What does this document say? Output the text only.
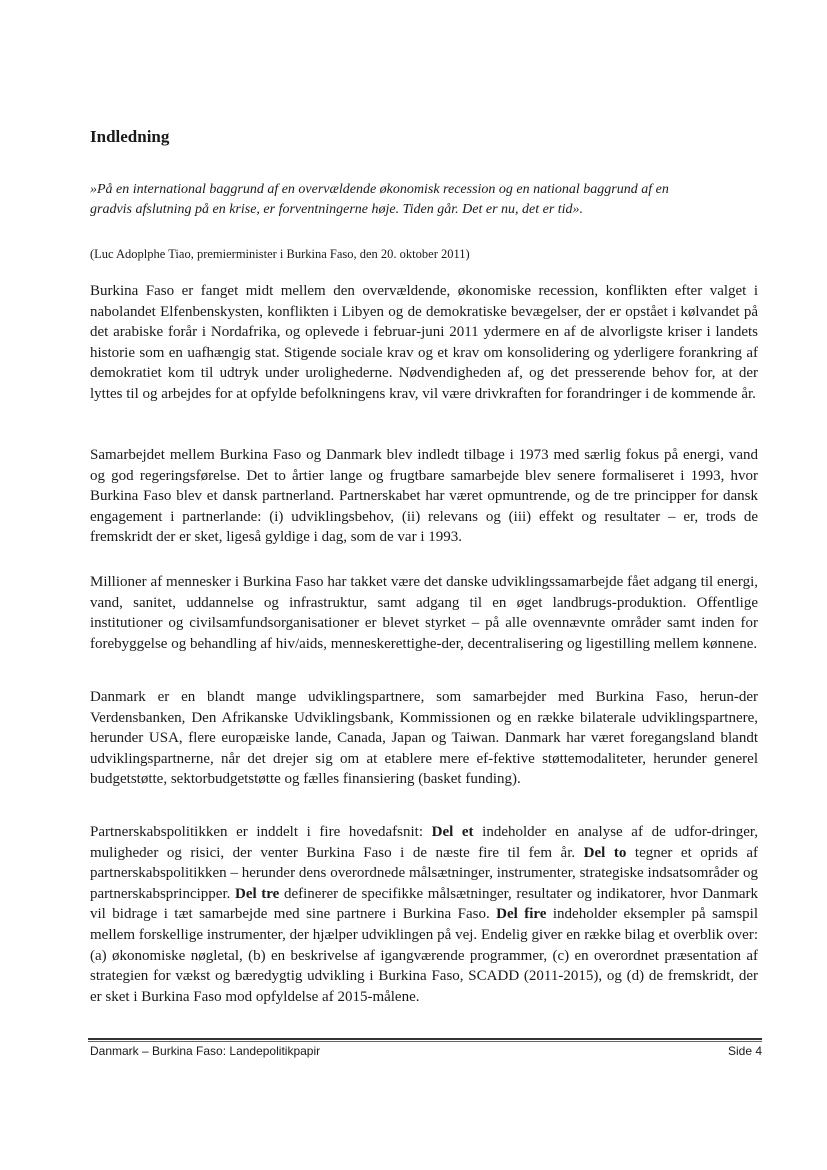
Indledning
»På en international baggrund af en overvældende økonomisk recession og en national baggrund af en gradvis afslutning på en krise, er forventningerne høje. Tiden går. Det er nu, det er tid».
(Luc Adoplphe Tiao, premierminister i Burkina Faso, den 20. oktober 2011)

Burkina Faso er fanget midt mellem den overvældende, økonomiske recession, konflikten efter valget i nabolandet Elfenbenskysten, konflikten i Libyen og de demokratiske bevægelser, der er opstået i kølvandet på det arabiske forår i Nordafrika, og oplevede i februar-juni 2011 ydermere en af de alvorligste kriser i landets historie som en uafhængig stat. Stigende sociale krav og et krav om konsolidering og yderligere forankring af demokratiet kom til udtryk under urolighederne. Nødvendigheden af, og det presserende behov for, at der lyttes til og arbejdes for at opfylde befolkningens krav, vil være drivkraften for forandringer i de kommende år.

Samarbejdet mellem Burkina Faso og Danmark blev indledt tilbage i 1973 med særlig fokus på energi, vand og god regeringsførelse. Det to årtier lange og frugtbare samarbejde blev senere formaliseret i 1993, hvor Burkina Faso blev et dansk partnerland. Partnerskabet har været opmuntrende, og de tre principper for dansk engagement i partnerlande: (i) udviklingsbehov, (ii) relevans og (iii) effekt og resultater – er, trods de fremskridt der er sket, ligeså gyldige i dag, som de var i 1993.

Millioner af mennesker i Burkina Faso har takket være det danske udviklingssamarbejde fået adgang til energi, vand, sanitet, uddannelse og infrastruktur, samt adgang til en øget landbrugs-produktion. Offentlige institutioner og civilsamfundsorganisationer er blevet styrket – på alle ovennævnte områder samt inden for forebyggelse og behandling af hiv/aids, menneskerettighe-der, decentralisering og ligestilling mellem kønnene.

Danmark er en blandt mange udviklingspartnere, som samarbejder med Burkina Faso, herun-der Verdensbanken, Den Afrikanske Udviklingsbank, Kommissionen og en række bilaterale udviklingspartnere, herunder USA, flere europæiske lande, Canada, Japan og Taiwan. Danmark har været foregangsland blandt udviklingspartnerne, når det drejer sig om at etablere mere ef-fektive støttemodaliteter, herunder generel budgetstøtte, sektorbudgetstøtte og fælles finansiering (basket funding).

Partnerskabspolitikken er inddelt i fire hovedafsnit: Del et indeholder en analyse af de udfor-dringer, muligheder og risici, der venter Burkina Faso i de næste fire til fem år. Del to tegner et oprids af partnerskabspolitikken – herunder dens overordnede målsætninger, instrumenter, strategiske indsatsområder og partnerskabsprincipper. Del tre definerer de specifikke målsætninger, resultater og indikatorer, hvor Danmark vil bidrage i tæt samarbejde med sine partnere i Burkina Faso. Del fire indeholder eksempler på samspil mellem forskellige instrumenter, der hjælper udviklingen på vej. Endelig giver en række bilag et overblik over: (a) økonomiske nøgletal, (b) en beskrivelse af igangværende programmer, (c) en overordnet præsentation af strategien for vækst og bæredygtig udvikling i Burkina Faso, SCADD (2011-2015), og (d) de fremskridt, der er sket i Burkina Faso mod opfyldelse af 2015-målene.

Danmark – Burkina Faso: Landepolitikpapir	Side 4
